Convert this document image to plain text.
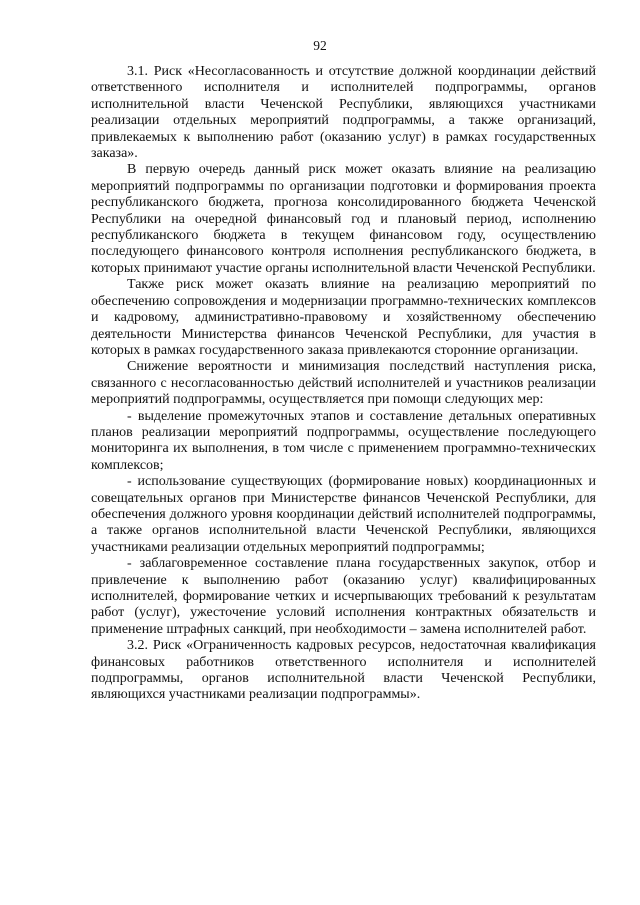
92

3.1. Риск «Несогласованность и отсутствие должной координации действий ответственного исполнителя и исполнителей подпрограммы, органов исполнительной власти Чеченской Республики, являющихся участниками реализации отдельных мероприятий подпрограммы, а также организаций, привлекаемых к выполнению работ (оказанию услуг) в рамках государственных заказа».

В первую очередь данный риск может оказать влияние на реализацию мероприятий подпрограммы по организации подготовки и формирования проекта республиканского бюджета, прогноза консолидированного бюджета Чеченской Республики на очередной финансовый год и плановый период, исполнению республиканского бюджета в текущем финансовом году, осуществлению последующего финансового контроля исполнения республиканского бюджета, в которых принимают участие органы исполнительной власти Чеченской Республики.

Также риск может оказать влияние на реализацию мероприятий по обеспечению сопровождения и модернизации программно-технических комплексов и кадровому, административно-правовому и хозяйственному обеспечению деятельности Министерства финансов Чеченской Республики, для участия в которых в рамках государственного заказа привлекаются сторонние организации.

Снижение вероятности и минимизация последствий наступления риска, связанного с несогласованностью действий исполнителей и участников реализации мероприятий подпрограммы, осуществляется при помощи следующих мер:

- выделение промежуточных этапов и составление детальных оперативных планов реализации мероприятий подпрограммы, осуществление последующего мониторинга их выполнения, в том числе с применением программно-технических комплексов;

- использование существующих (формирование новых) координационных и совещательных органов при Министерстве финансов Чеченской Республики, для обеспечения должного уровня координации действий исполнителей подпрограммы, а также органов исполнительной власти Чеченской Республики, являющихся участниками реализации отдельных мероприятий подпрограммы;

- заблаговременное составление плана государственных закупок, отбор и привлечение к выполнению работ (оказанию услуг) квалифицированных исполнителей, формирование четких и исчерпывающих требований к результатам работ (услуг), ужесточение условий исполнения контрактных обязательств и применение штрафных санкций, при необходимости – замена исполнителей работ.

3.2. Риск «Ограниченность кадровых ресурсов, недостаточная квалификация финансовых работников ответственного исполнителя и исполнителей подпрограммы, органов исполнительной власти Чеченской Республики, являющихся участниками реализации подпрограммы».
